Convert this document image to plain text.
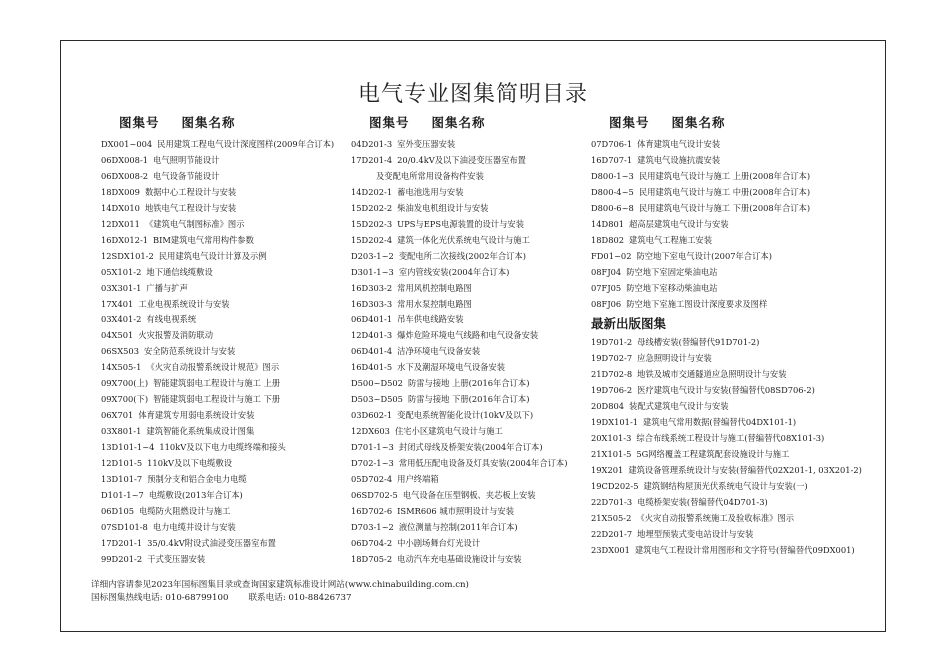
电气专业图集简明目录
图集号 图集名称
DX001~004 民用建筑工程电气设计深度图样(2009年合订本)
06DX008-1 电气照明节能设计
06DX008-2 电气设备节能设计
18DX009 数据中心工程设计与安装
14DX010 地铁电气工程设计与安装
12DX011 《建筑电气制图标准》图示
16DX012-1 BIM建筑电气常用构件参数
12SDX101-2 民用建筑电气设计计算及示例
05X101-2 地下通信线缆敷设
03X301-1 广播与扩声
17X401 工业电视系统设计与安装
03X401-2 有线电视系统
04X501 火灾报警及消防联动
06SX503 安全防范系统设计与安装
14X505-1 《火灾自动报警系统设计规范》图示
09X700(上) 智能建筑弱电工程设计与施工 上册
09X700(下) 智能建筑弱电工程设计与施工 下册
06X701 体育建筑专用弱电系统设计安装
03X801-1 建筑智能化系统集成设计图集
13D101-1~4 110kV及以下电力电缆终端和接头
12D101-5 110kV及以下电缆敷设
13D101-7 预制分支和铝合金电力电缆
D101-1~7 电缆敷设(2013年合订本)
06D105 电缆防火阻燃设计与施工
07SD101-8 电力电缆井设计与安装
17D201-1 35/0.4kV附设式油浸变压器室布置
99D201-2 干式变压器安装
图集号 图集名称
04D201-3 室外变压器安装
17D201-4 20/0.4kV及以下油浸变压器室布置
及变配电所常用设备构件安装
14D202-1 蓄电池选用与安装
15D202-2 柴油发电机组设计与安装
15D202-3 UPS与EPS电源装置的设计与安装
15D202-4 建筑一体化光伏系统电气设计与施工
D203-1~2 变配电所二次接线(2002年合订本)
D301-1~3 室内管线安装(2004年合订本)
16D303-2 常用风机控制电路图
16D303-3 常用水泵控制电路图
06D401-1 吊车供电线路安装
12D401-3 爆炸危险环境电气线路和电气设备安装
06D401-4 洁净环境电气设备安装
16D401-5 水下及潮湿环境电气设备安装
D500~D502 防雷与接地 上册(2016年合订本)
D503~D505 防雷与接地 下册(2016年合订本)
03D602-1 变配电系统智能化设计(10kV及以下)
12DX603 住宅小区建筑电气设计与施工
D701-1~3 封闭式母线及桥架安装(2004年合订本)
D702-1~3 常用低压配电设备及灯具安装(2004年合订本)
05D702-4 用户终端箱
06SD702-5 电气设备在压型钢板、夹芯板上安装
16D702-6 ISMR606 城市照明设计与安装
D703-1~2 液位测量与控制(2011年合订本)
06D704-2 中小剧场舞台灯光设计
18D705-2 电动汽车充电基础设施设计与安装
图集号 图集名称
07D706-1 体育建筑电气设计安装
16D707-1 建筑电气设施抗震安装
D800-1~3 民用建筑电气设计与施工 上册(2008年合订本)
D800-4~5 民用建筑电气设计与施工 中册(2008年合订本)
D800-6~8 民用建筑电气设计与施工 下册(2008年合订本)
14D801 超高层建筑电气设计与安装
18D802 建筑电气工程施工安装
FD01~02 防空地下室电气设计(2007年合订本)
08FJ04 防空地下室固定柴油电站
07FJ05 防空地下室移动柴油电站
08FJ06 防空地下室施工图设计深度要求及图样
最新出版图集
19D701-2 母线槽安装(替编替代91D701-2)
19D702-7 应急照明设计与安装
21D702-8 地铁及城市交通隧道应急照明设计与安装
19D706-2 医疗建筑电气设计与安装(替编替代08SD706-2)
20D804 装配式建筑电气设计与安装
19DX101-1 建筑电气常用数据(替编替代04DX101-1)
20X101-3 综合布线系统工程设计与施工(替编替代08X101-3)
21X101-5 5G网络覆盖工程建筑配套设施设计与施工
19X201 建筑设备管理系统设计与安装(替编替代02X201-1, 03X201-2)
19CD202-5 建筑钢结构屋顶光伏系统电气设计与安装(一)
22D701-3 电缆桥架安装(替编替代04D701-3)
21X505-2 《火灾自动报警系统施工及验收标准》图示
22D201-7 地埋型预装式变电站设计与安装
23DX001 建筑电气工程设计常用图形和文字符号(替编替代09DX001)
详细内容请参见2023年国标图集目录或查询国家建筑标准设计网站(www.chinabuilding.com.cn)
国标图集热线电话: 010-68799100 联系电话: 010-88426737
